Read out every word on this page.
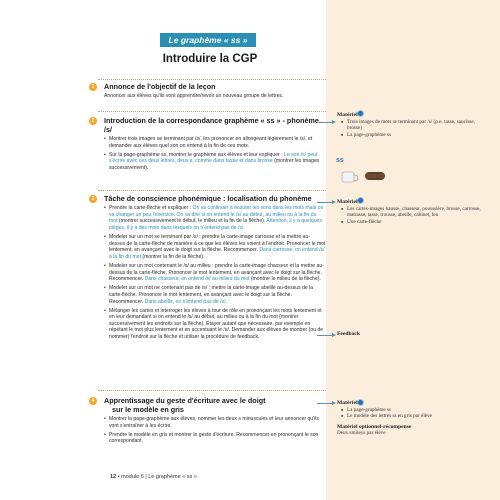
Le graphème « ss »
Introduire la CGP
1	Annonce de l'objectif de la leçon

Annoncer aux élèves qu'ils vont apprendre/revoir un nouveau groupe de lettres.

2	Introduction de la correspondance graphème « ss » - phonème /s/

• Montrer trois images se terminant par /s/, les prononcer en allongeant légèrement le /s/, et demander aux élèves quel son on entend à la fin de ces mots.

• Sur la page-graphème ss, montrer le graphème aux élèves et leur expliquer : Le son /s/ peut s'écrire avec ces deux lettres, deux s, comme dans tasse et dans brosse (montrer les images successivement).

3	Tâche de conscience phonémique : localisation du phonème

• Prendre la carte-flèche et expliquer : On va continuer à écouter les sons dans les mots mais on va changer un peu l'exercice. On va dire si on entend le /s/ au début, au milieu ou à la fin du mot (montrer successivement le début, le milieu et la fin de la flèche). Attention, il y a quelques pièges, il y a des mots dans lesquels on n'entend pas de /s/.

• Modeler sur un mot se terminant par /s/ : prendre la carte-image carrosse et la mettre au-dessus de la carte-flèche de manière à ce que les élèves les voient à l'endroit. Prononcer le mot lentement, en avançant avec le doigt sur la flèche. Recommencer. Dans carrosse, on entend /s/ à la fin du mot (montrer la fin de la flèche).

• Modeler sur un mot contenant le /s/ au milieu : prendre la carte-image chasseur et la mettre au-dessus de la carte-flèche. Prononcer le mot lentement, en avançant avec le doigt sur la flèche. Recommencer. Dans chasseur, on entend /s/ au milieu du mot (montrer le milieu de la flèche).

• Modeler sur un mot ne contenant pas de /s/ : mettre la carte-image abeille au-dessus de la carte-flèche. Prononcer le mot lentement, en avançant avec le doigt sur la flèche. Recommencer. Dans abeille, on n'entend pas de /s/.

• Mélanger les cartes et interroger les élèves à tour de rôle en prononçant les mots lentement et en leur demandant si on entend le /s/ au début, au milieu ou à la fin du mot (montrer successivement les endroits sur la flèche). Étayer autant que nécessaire, par exemple en répétant le mot plus lentement et en accentuant le /s/. Demander aux élèves de montrer (ou de nommer) l'endroit sur la flèche et utiliser la procédure de feedback.

4	Apprentissage du geste d'écriture avec le doigt
sur le modèle en gris

• Montrer la page-graphème aux élèves, nommer les deux s minuscules et leur annoncer qu'ils vont s'entraîner à les écrire.

• Prendre le modèle en gris et montrer le geste d'écriture. Recommencer en prononçant le son correspondant.

12 • module 6 | Le graphème « ss »
Matériel
■ Trois images de mots se terminant par /s/ (p.e. tasse, saucisse, brosse)
■ La page-graphème ss
ss
Matériel
■ Les cartes-images hausse, chasseur, pousssière, brosse, carrosse, matrasse, tasse, trousse, abeille, cabinet, feu
■ Une carte-flèche
Feedback
Matériel
■ La page-graphème ss
■ Le modèle des lettres ss en gris par élève
Matériel optionnel-récompense
Deux smileys par élève
